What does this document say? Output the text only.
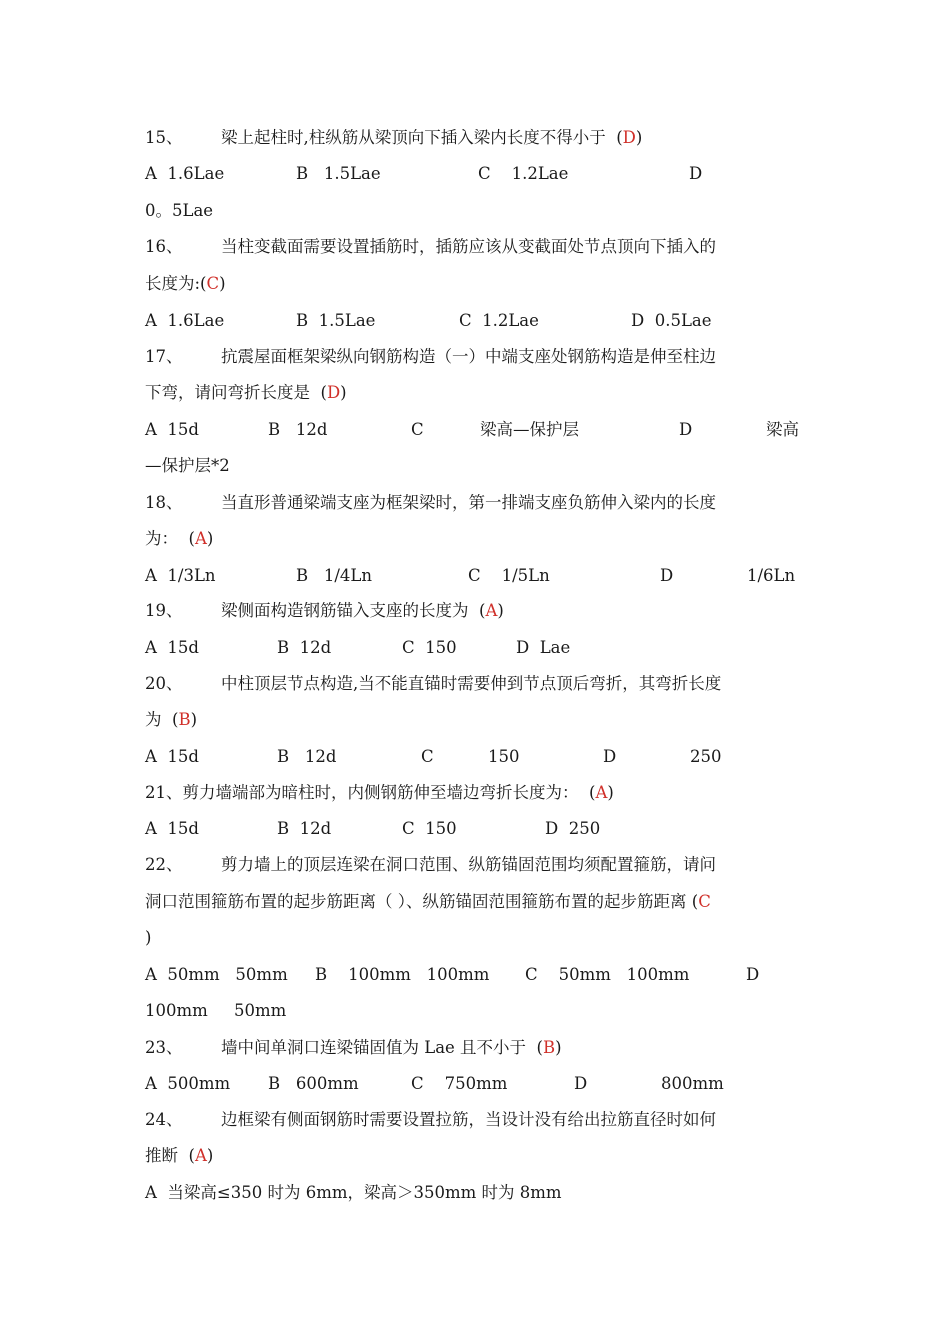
15、 梁上起柱时,柱纵筋从梁顶向下插入梁内长度不得小于  (D)

A  1.6Lae

	B   1.5Lae

	C    1.2Lae

	D

0。5Lae
16、 当柱变截面需要设置插筋时，插筋应该从变截面处节点顶向下插入的
长度为:(C)

A  1.6Lae

	B  1.5Lae

	C  1.2Lae

	D  0.5Lae

17、 抗震屋面框架梁纵向钢筋构造（一）中端支座处钢筋构造是伸至柱边
下弯，请问弯折长度是  (D)

A  15d

	B   12d

	C

	梁高—保护层

	D

	梁高

—保护层*2
18、 当直形普通梁端支座为框架梁时，第一排端支座负筋伸入梁内的长度
为：  (A)

A  1/3Ln

	B   1/4Ln

	C    1/5Ln

	D

	1/6Ln

19、 梁侧面构造钢筋锚入支座的长度为  (A)

A  15d

	B  12d

	C  150

	D  Lae

20、 中柱顶层节点构造,当不能直锚时需要伸到节点顶后弯折，其弯折长度
为  (B)

A  15d

	B   12d

	C

	150

	D

	250

21、剪力墙端部为暗柱时，内侧钢筋伸至墙边弯折长度为：  (A)

A  15d

	B  12d

	C  150

	D  250

22、 剪力墙上的顶层连梁在洞口范围、纵筋锚固范围均须配置箍筋，请问
洞口范围箍筋布置的起步筋距离（ ）、纵筋锚固范围箍筋布置的起步筋距离 (C
)

A  50mm   50mm

B    100mm   100mm

C    50mm   100mm

	D

100mm     50mm
23、 墙中间单洞口连梁锚固值为 Lae 且不小于  (B)

A  500mm

B   600mm

	C    750mm

	D

	800mm

24、 边框梁有侧面钢筋时需要设置拉筋，当设计没有给出拉筋直径时如何
推断  (A)
A  当梁高≤350 时为 6mm，梁高＞350mm 时为 8mm
